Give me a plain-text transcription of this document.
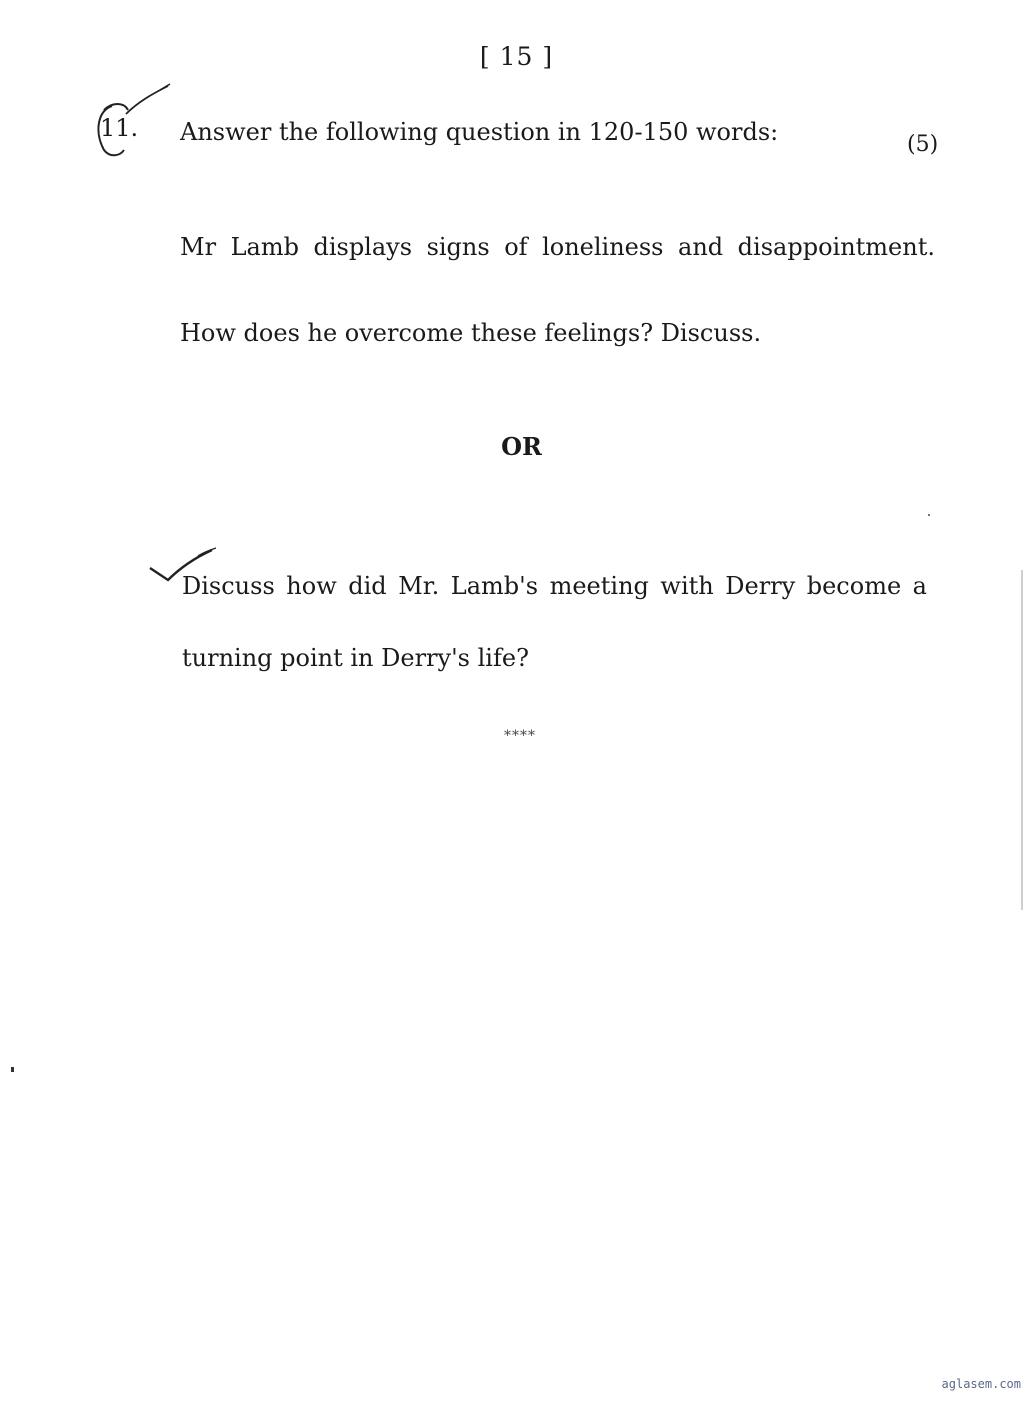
[ 15 ]
11. Answer the following question in 120-150 words:	(5)
Mr Lamb displays signs of loneliness and disappointment. How does he overcome these feelings? Discuss.
OR
Discuss how did Mr. Lamb's meeting with Derry become a turning point in Derry's life?
****
aglasem.com
